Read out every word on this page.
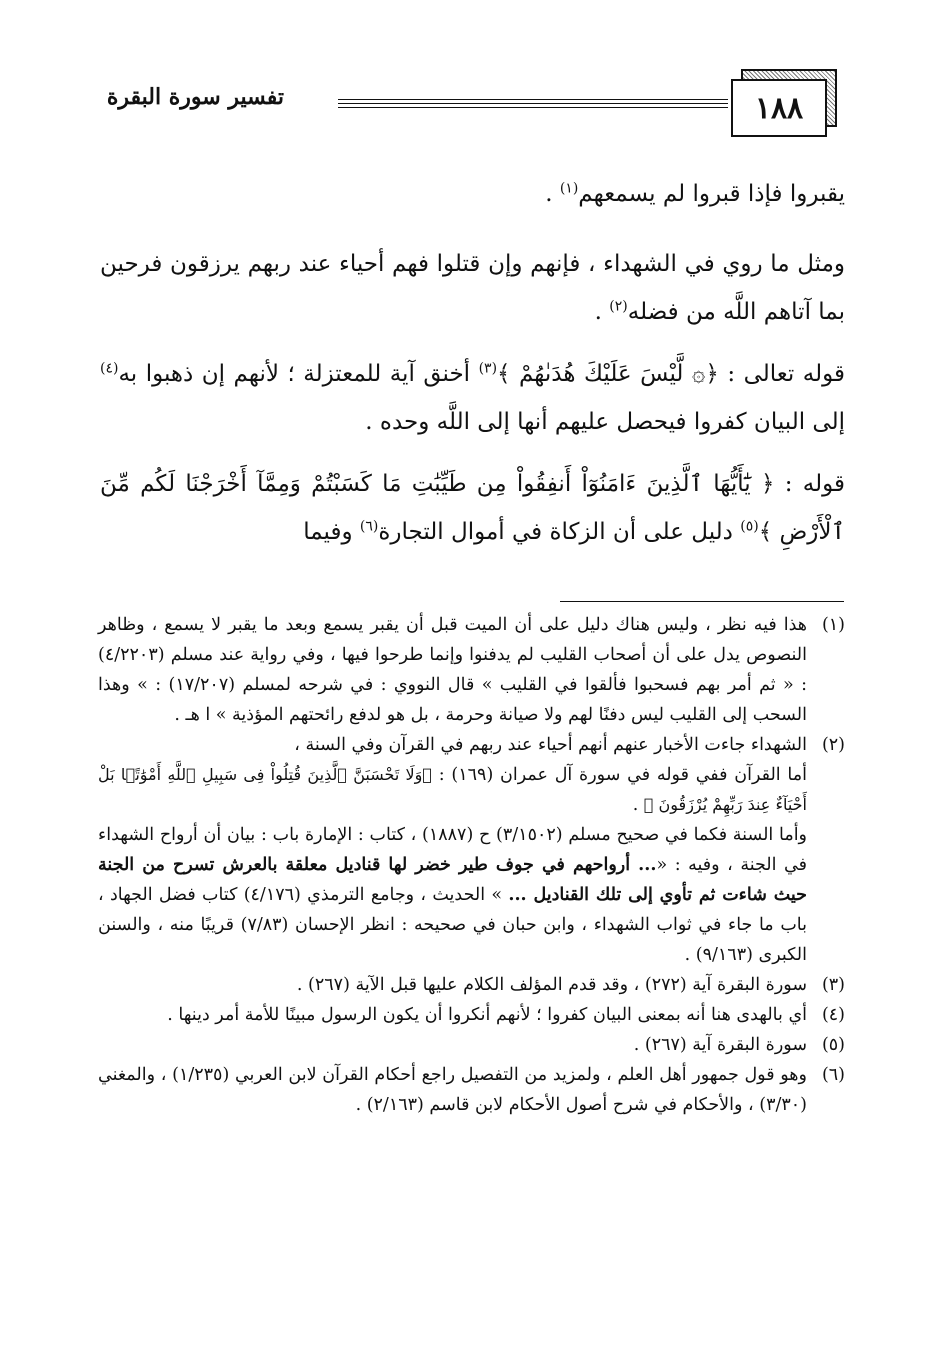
١٨٨
تفسير سورة البقرة

يقبروا فإذا قبروا لم يسمعهم$^{(١)}$ .

ومثل ما روي في الشهداء ، فإنهم وإن قتلوا فهم أحياء عند ربهم يرزقون فرحين بما آتاهم اللَّه من فضله$^{(٢)}$ .

قوله تعالى : ﴿۞ لَّيْسَ عَلَيْكَ هُدَىٰهُمْ ﴾$^{(٣)}$ أخنق آية للمعتزلة ؛ لأنهم إن ذهبوا به$^{(٤)}$ إلى البيان كفروا فيحصل عليهم أنها إلى اللَّه وحده .

قوله : ﴿ يَٰٓأَيُّهَا ٱلَّذِينَ ءَامَنُوٓاْ أَنفِقُواْ مِن طَيِّبَٰتِ مَا كَسَبْتُمْ وَمِمَّآ أَخْرَجْنَا لَكُم مِّنَ ٱلْأَرْضِ ﴾$^{(٥)}$ دليل على أن الزكاة في أموال التجارة$^{(٦)}$ وفيما

(١)
هذا فيه نظر ، وليس هناك دليل على أن الميت قبل أن يقبر يسمع وبعد ما يقبر لا يسمع ، وظاهر النصوص يدل على أن أصحاب القليب لم يدفنوا وإنما طرحوا فيها ، وفي رواية عند مسلم (٤/٢٢٠٣) : « ثم أمر بهم فسحبوا فألقوا في القليب » قال النووي : في شرحه لمسلم (١٧/٢٠٧) : » وهذا السحب إلى القليب ليس دفنًا لهم ولا صيانة وحرمة ، بل هو لدفع رائحتهم المؤذية » ا هـ .

(٢)
الشهداء جاءت الأخبار عنهم أنهم أحياء عند ربهم في القرآن وفي السنة ،
أما القرآن ففي قوله في سورة آل عمران (١٦٩) : ﴿وَلَا تَحْسَبَنَّ ٱلَّذِينَ قُتِلُواْ فِى سَبِيلِ ٱللَّهِ أَمْوَٰتًۢا بَلْ أَحْيَآءٌ عِندَ رَبِّهِمْ يُرْزَقُونَ ﴾ .
وأما السنة فكما في صحيح مسلم (٣/١٥٠٢) ح (١٨٨٧) ، كتاب : الإمارة باب : بيان أن أرواح الشهداء في الجنة ، وفيه : «... أرواحهم في جوف طير خضر لها قناديل معلقة بالعرش تسرح من الجنة حيث شاءت ثم تأوي إلى تلك القناديل ... » الحديث ، وجامع الترمذي (٤/١٧٦) كتاب فضل الجهاد ، باب ما جاء في ثواب الشهداء ، وابن حبان في صحيحه : انظر الإحسان (٧/٨٣) قريبًا منه ، والسنن الكبرى (٩/١٦٣) .

(٣)
سورة البقرة آية (٢٧٢) ، وقد قدم المؤلف الكلام عليها قبل الآية (٢٦٧) .

(٤)
أي بالهدى هنا أنه بمعنى البيان كفروا ؛ لأنهم أنكروا أن يكون الرسول مبينًا للأمة أمر دينها .

(٥)
سورة البقرة آية (٢٦٧) .

(٦)
وهو قول جمهور أهل العلم ، ولمزيد من التفصيل راجع أحكام القرآن لابن العربي (١/٢٣٥) ، والمغني (٣/٣٠) ، والأحكام في شرح أصول الأحكام لابن قاسم (٢/١٦٣) .
